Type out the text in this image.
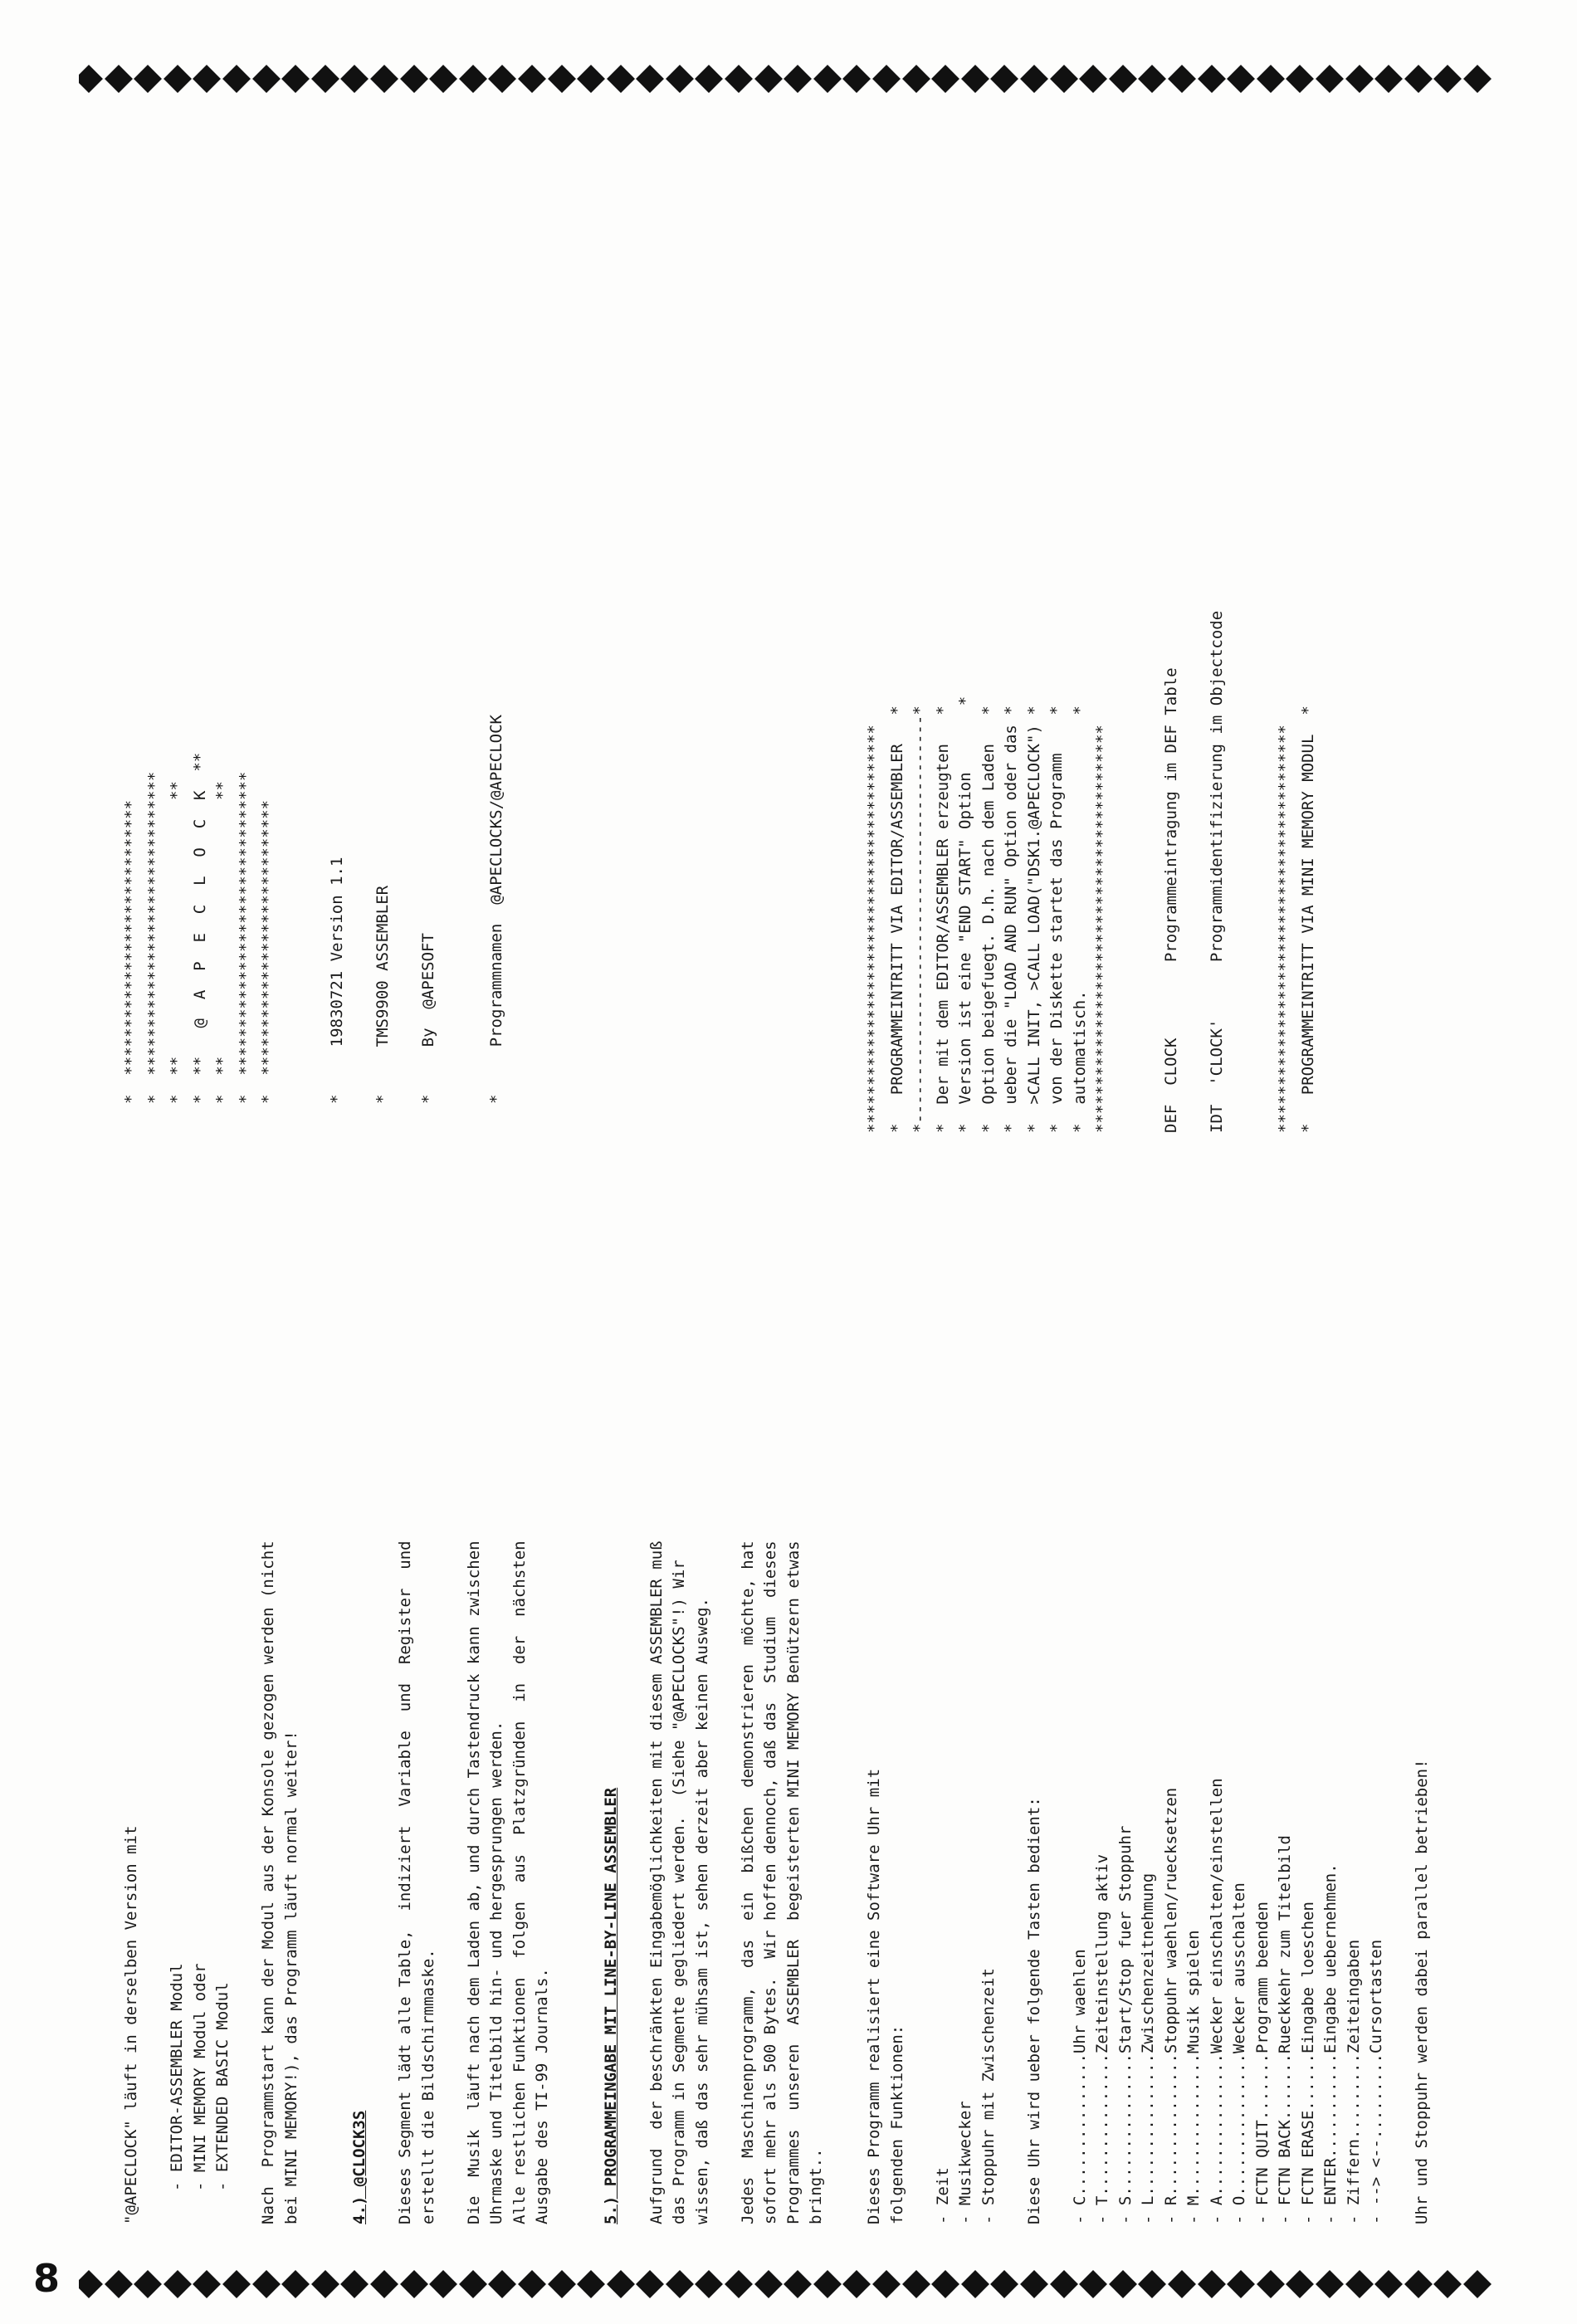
8
"@APECLOCK" läuft in derselben Version mit - EDITOR-ASSEMBLER Modul - MINI MEMORY Modul oder - EXTENDED BASIC Modul Nach  Programmstart kann der Modul aus der Konsole gezogen werden (nicht bei MINI MEMORY!), das Programm läuft normal weiter!	4.) @CLOCK3S Dieses Segment lädt alle Table,  indiziert  Variable  und  Register  und erstellt die Bildschirmmaske. Die  Musik  läuft nach dem Laden ab, und durch Tastendruck kann zwischen Uhrmaske und Titelbild hin- und hergesprungen werden. Alle restlichen Funktionen  folgen  aus  Platzgründen  in  der  nächsten Ausgabe des TI-99 Journals.	5.) PROGRAMMEINGABE MIT LINE-BY-LINE ASSEMBLER Aufgrund  der beschränkten Eingabemöglichkeiten mit diesem ASSEMBLER muß das Programm in Segmente gegliedert werden.  (Siehe "@APECLOCKS"!) Wir wissen, daß das sehr mühsam ist, sehen derzeit aber keinen Ausweg. Jedes  Maschinenprogramm,  das  ein  bißchen  demonstrieren  möchte, hat sofort mehr als 500 Bytes.  Wir hoffen dennoch, daß das  Studium  dieses Programmes  unseren  ASSEMBLER  begeisterten MINI MEMORY Benützern etwas bringt..
******************************************* *   PROGRAMMEINTRITT VIA EDITOR/ASSEMBLER   * *-------------------------------------------* *  Der mit dem EDITOR/ASSEMBLER erzeugten   * *  Version ist eine "END START" Option       * *  Option beigefuegt. D.h. nach dem Laden   * *  ueber die "LOAD AND RUN" Option oder das * *  >CALL INIT, >CALL LOAD("DSK1.@APECLOCK") * *  von der Diskette startet das Programm    * *  automatisch.                             * *******************************************	DEF  CLOCK        Programmeintragung im DEF Table IDT  'CLOCK'      Programmidentifizierung im Objectcode	******************************************* *   PROGRAMMEINTRITT VIA MINI MEMORY MODUL  *
*  ***************************** *  ******************************** *  **                           ** *  **   @  A  P  E  C  L  O  C  K  ** *  **                           ** *  ******************************** *  *****************************	*     19830721 Version 1.1 *     TMS9900 ASSEMBLER *     By  @APESOFT	*     Programmnamen  @APECLOCKS/@APECLOCK
Dieses Programm realisiert eine Software Uhr mit folgenden Funktionen: - Zeit - Musikwecker - Stoppuhr mit Zwischenzeit Diese Uhr wird ueber folgende Tasten bedient: - C...............Uhr waehlen - T...............Zeiteinstellung aktiv - S...............Start/Stop fuer Stoppuhr - L...............Zwischenzeitnehmung - R...............Stoppuhr waehlen/ruecksetzen - M...............Musik spielen - A...............Wecker einschalten/einstellen - O...............Wecker ausschalten - FCTN QUIT.......Programm beenden - FCTN BACK.......Rueckkehr zum Titelbild - FCTN ERASE......Eingabe loeschen - ENTER...........Eingabe uebernehmen. - Ziffern.........Zeiteingaben - --> <--.........Cursortasten Uhr und Stoppuhr werden dabei parallel betrieben!
